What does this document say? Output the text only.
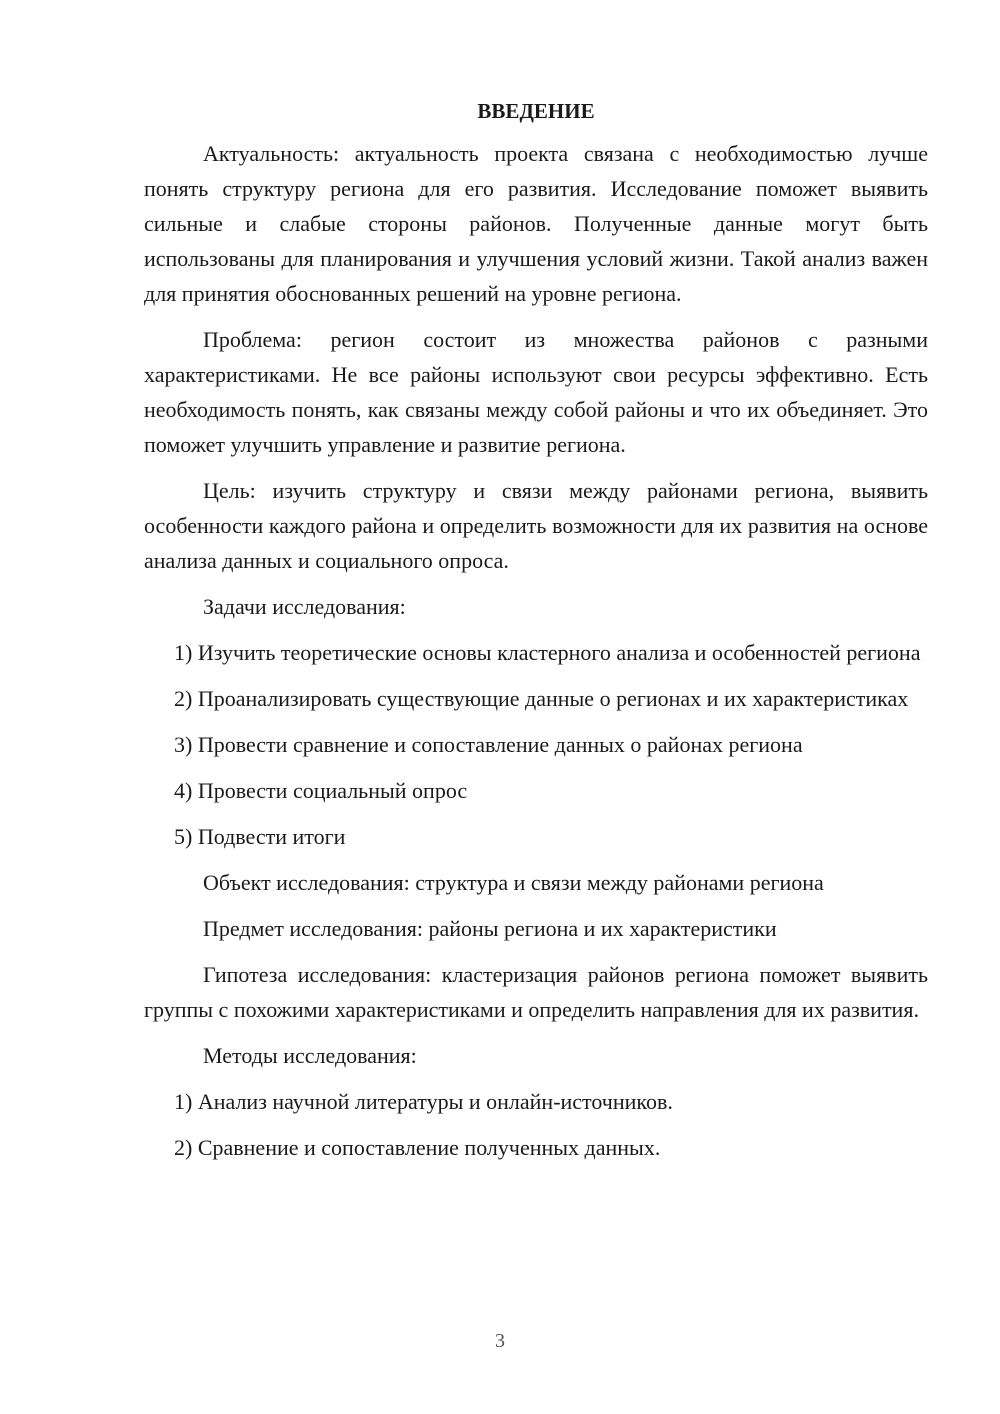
ВВЕДЕНИЕ
Актуальность: актуальность проекта связана с необходимостью лучше понять структуру региона для его развития. Исследование поможет выявить сильные и слабые стороны районов. Полученные данные могут быть использованы для планирования и улучшения условий жизни. Такой анализ важен для принятия обоснованных решений на уровне региона.
Проблема: регион состоит из множества районов с разными характеристиками. Не все районы используют свои ресурсы эффективно. Есть необходимость понять, как связаны между собой районы и что их объединяет. Это поможет улучшить управление и развитие региона.
Цель: изучить структуру и связи между районами региона, выявить особенности каждого района и определить возможности для их развития на основе анализа данных и социального опроса.
Задачи исследования:
1) Изучить теоретические основы кластерного анализа и особенностей региона
2) Проанализировать существующие данные о регионах и их характеристиках
3) Провести сравнение и сопоставление данных о районах региона
4) Провести социальный опрос
5) Подвести итоги
Объект исследования: структура и связи между районами региона
Предмет исследования: районы региона и их характеристики
Гипотеза исследования: кластеризация районов региона поможет выявить группы с похожими характеристиками и определить направления для их развития.
Методы исследования:
1) Анализ научной литературы и онлайн-источников.
2) Сравнение и сопоставление полученных данных.
3
